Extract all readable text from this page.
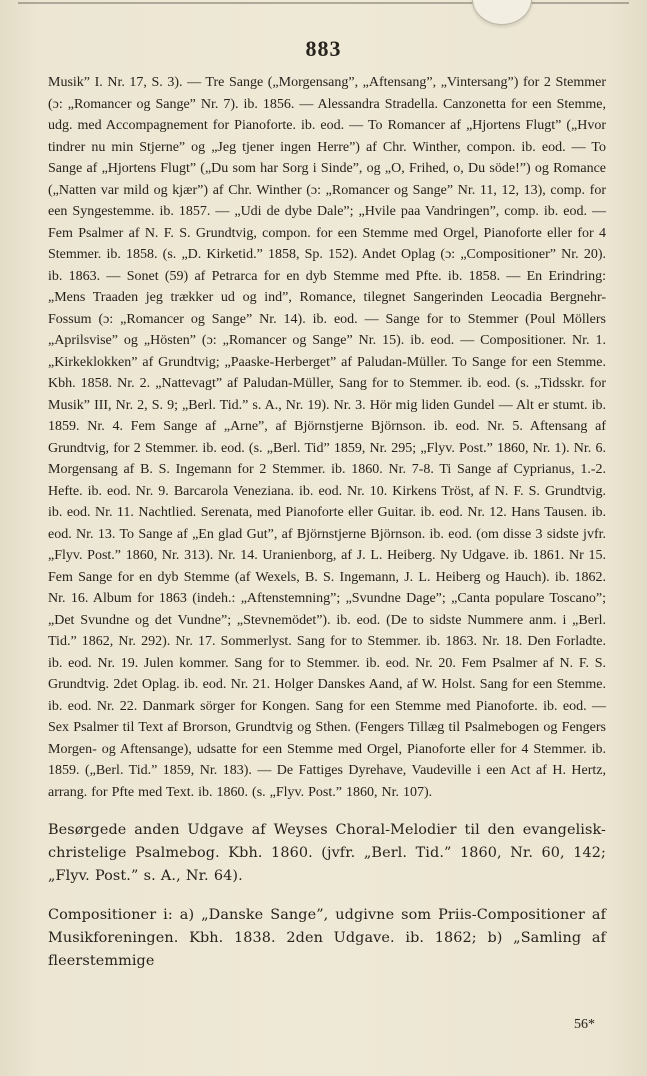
883

Musik” I. Nr. 17, S. 3). — Tre Sange („Morgensang”, „Aftensang”, „Vintersang”) for 2 Stemmer (ɔ: „Romancer og Sange” Nr. 7). ib. 1856. — Alessandra Stradella. Canzonetta for een Stemme, udg. med Accompagnement for Pianoforte. ib. eod. — To Romancer af „Hjortens Flugt” („Hvor tindrer nu min Stjerne” og „Jeg tjener ingen Herre”) af Chr. Winther, compon. ib. eod. — To Sange af „Hjortens Flugt” („Du som har Sorg i Sinde”, og „O, Frihed, o, Du söde!”) og Romance („Natten var mild og kjær”) af Chr. Winther (ɔ: „Romancer og Sange” Nr. 11, 12, 13), comp. for een Syngestemme. ib. 1857. — „Udi de dybe Dale”; „Hvile paa Vandringen”, comp. ib. eod. — Fem Psalmer af N. F. S. Grundtvig, compon. for een Stemme med Orgel, Pianoforte eller for 4 Stemmer. ib. 1858. (s. „D. Kirketid.” 1858, Sp. 152). Andet Oplag (ɔ: „Compositioner” Nr. 20). ib. 1863. — Sonet (59) af Petrarca for en dyb Stemme med Pfte. ib. 1858. — En Erindring: „Mens Traaden jeg trækker ud og ind”, Romance, tilegnet Sangerinden Leocadia Bergnehr-Fossum (ɔ: „Romancer og Sange” Nr. 14). ib. eod. — Sange for to Stemmer (Poul Möllers „Aprilsvise” og „Hösten” (ɔ: „Romancer og Sange” Nr. 15). ib. eod. — Compositioner. Nr. 1. „Kirkeklokken” af Grundtvig; „Paaske-Herberget” af Paludan-Müller. To Sange for een Stemme. Kbh. 1858. Nr. 2. „Nattevagt” af Paludan-Müller, Sang for to Stemmer. ib. eod. (s. „Tidsskr. for Musik” III, Nr. 2, S. 9; „Berl. Tid.” s. A., Nr. 19). Nr. 3. Hör mig liden Gundel — Alt er stumt. ib. 1859. Nr. 4. Fem Sange af „Arne”, af Björnstjerne Björnson. ib. eod. Nr. 5. Aftensang af Grundtvig, for 2 Stemmer. ib. eod. (s. „Berl. Tid” 1859, Nr. 295; „Flyv. Post.” 1860, Nr. 1). Nr. 6. Morgensang af B. S. Ingemann for 2 Stemmer. ib. 1860. Nr. 7-8. Ti Sange af Cyprianus, 1.-2. Hefte. ib. eod. Nr. 9. Barcarola Veneziana. ib. eod. Nr. 10. Kirkens Tröst, af N. F. S. Grundtvig. ib. eod. Nr. 11. Nachtlied. Serenata, med Pianoforte eller Guitar. ib. eod. Nr. 12. Hans Tausen. ib. eod. Nr. 13. To Sange af „En glad Gut”, af Björnstjerne Björnson. ib. eod. (om disse 3 sidste jvfr. „Flyv. Post.” 1860, Nr. 313). Nr. 14. Uranienborg, af J. L. Heiberg. Ny Udgave. ib. 1861. Nr 15. Fem Sange for en dyb Stemme (af Wexels, B. S. Ingemann, J. L. Heiberg og Hauch). ib. 1862. Nr. 16. Album for 1863 (indeh.: „Aftenstemning”; „Svundne Dage”; „Canta populare Toscano”; „Det Svundne og det Vundne”; „Stevnemödet”). ib. eod. (De to sidste Nummere anm. i „Berl. Tid.” 1862, Nr. 292). Nr. 17. Sommerlyst. Sang for to Stemmer. ib. 1863. Nr. 18. Den Forladte. ib. eod. Nr. 19. Julen kommer. Sang for to Stemmer. ib. eod. Nr. 20. Fem Psalmer af N. F. S. Grundtvig. 2det Oplag. ib. eod. Nr. 21. Holger Danskes Aand, af W. Holst. Sang for een Stemme. ib. eod. Nr. 22. Danmark sörger for Kongen. Sang for een Stemme med Pianoforte. ib. eod. — Sex Psalmer til Text af Brorson, Grundtvig og Sthen. (Fengers Tillæg til Psalmebogen og Fengers Morgen- og Aftensange), udsatte for een Stemme med Orgel, Pianoforte eller for 4 Stemmer. ib. 1859. („Berl. Tid.” 1859, Nr. 183). — De Fattiges Dyrehave, Vaudeville i een Act af H. Hertz, arrang. for Pfte med Text. ib. 1860. (s. „Flyv. Post.” 1860, Nr. 107).

Besørgede anden Udgave af Weyses Choral-Melodier til den evangelisk-christelige Psalmebog. Kbh. 1860. (jvfr. „Berl. Tid.” 1860, Nr. 60, 142; „Flyv. Post.” s. A., Nr. 64).

Compositioner i: a) „Danske Sange”, udgivne som Priis-Compositioner af Musikforeningen. Kbh. 1838. 2den Udgave. ib. 1862; b) „Samling af fleerstemmige

56*
